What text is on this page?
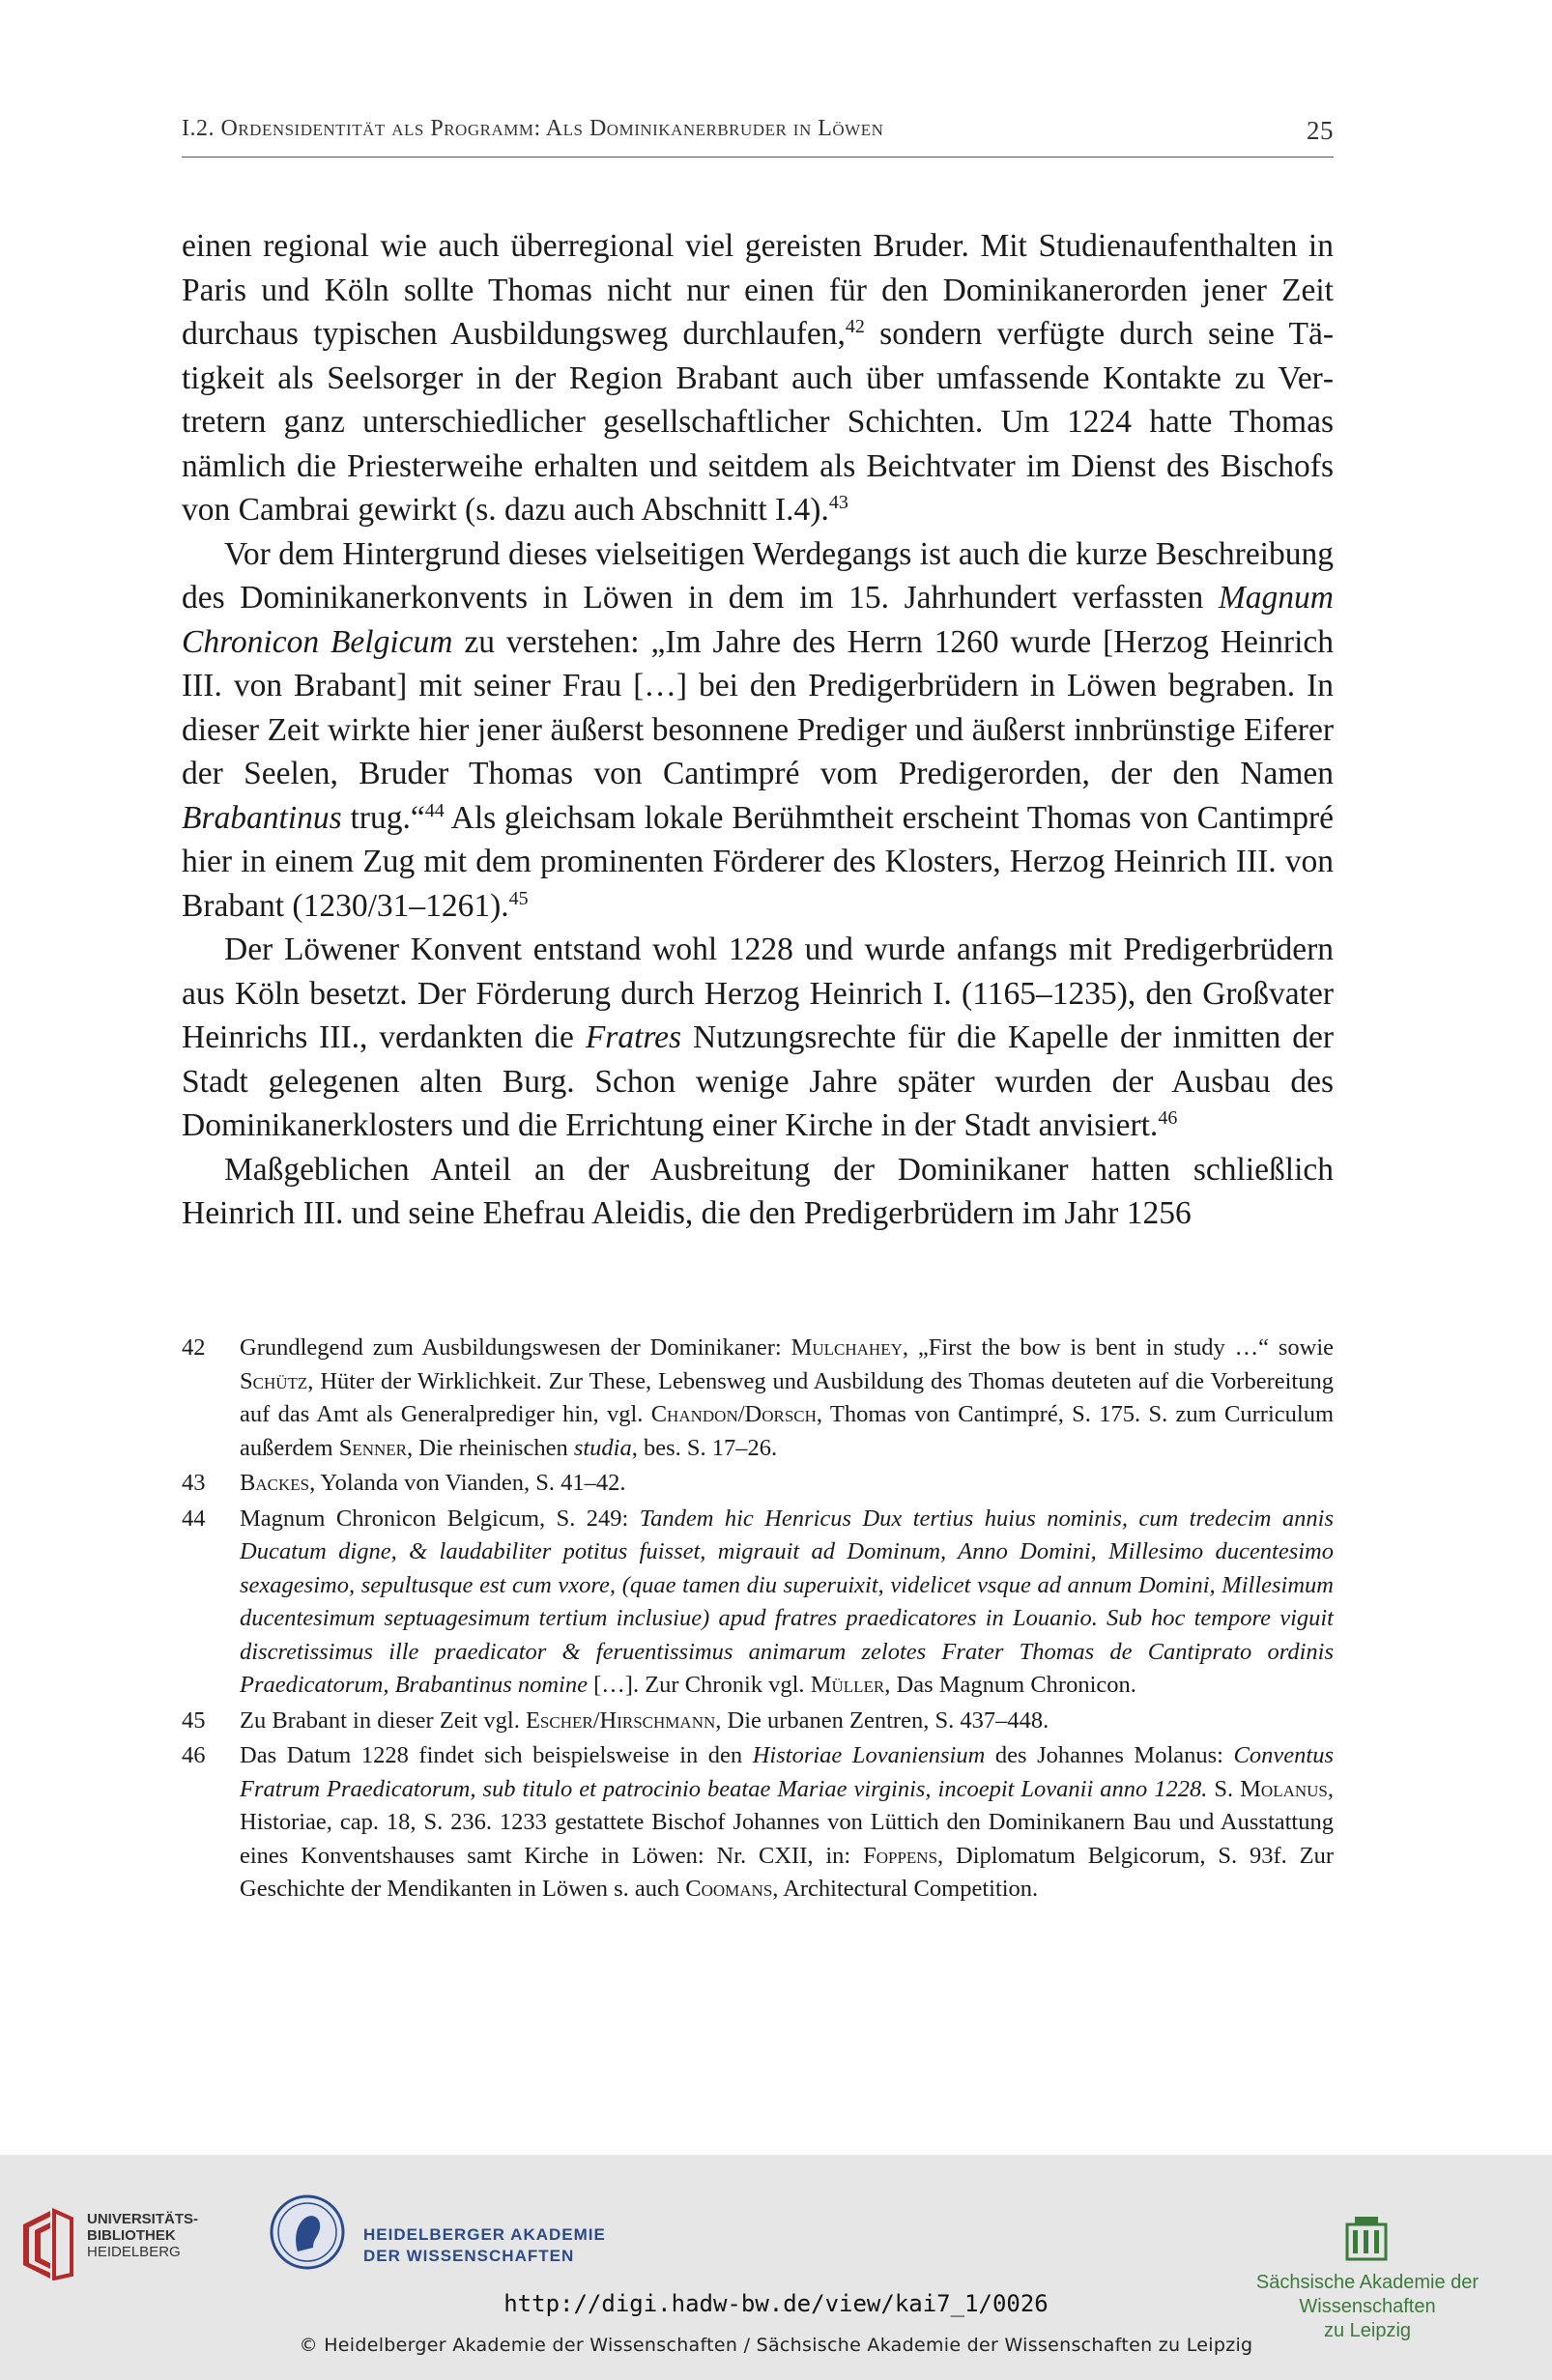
I.2. Ordensidentität als Programm: Als Dominikanerbruder in Löwen	25

einen regional wie auch überregional viel gereisten Bruder. Mit Studienaufenthalten in Paris und Köln sollte Thomas nicht nur einen für den Dominikanerorden jener Zeit durchaus typischen Ausbildungsweg durchlaufen,$^{42}$ sondern verfügte durch seine Tätigkeit als Seelsorger in der Region Brabant auch über umfassende Kontakte zu Vertretern ganz unterschiedlicher gesellschaftlicher Schichten. Um 1224 hatte Thomas nämlich die Priesterweihe erhalten und seitdem als Beichtvater im Dienst des Bischofs von Cambrai gewirkt (s. dazu auch Abschnitt I.4).$^{43}$

Vor dem Hintergrund dieses vielseitigen Werdegangs ist auch die kurze Beschreibung des Dominikanerkonvents in Löwen in dem im 15. Jahrhundert verfassten Magnum Chronicon Belgicum zu verstehen: „Im Jahre des Herrn 1260 wurde [Herzog Heinrich III. von Brabant] mit seiner Frau […] bei den Predigerbrüdern in Löwen begraben. In dieser Zeit wirkte hier jener äußerst besonnene Prediger und äußerst innbrünstige Eiferer der Seelen, Bruder Thomas von Cantimpré vom Predigerorden, der den Namen Brabantinus trug.“$^{44}$ Als gleichsam lokale Berühmtheit erscheint Thomas von Cantimpré hier in einem Zug mit dem prominenten Förderer des Klosters, Herzog Heinrich III. von Brabant (1230/31–1261).$^{45}$

Der Löwener Konvent entstand wohl 1228 und wurde anfangs mit Predigerbrüdern aus Köln besetzt. Der Förderung durch Herzog Heinrich I. (1165–1235), den Großvater Heinrichs III., verdankten die Fratres Nutzungsrechte für die Kapelle der inmitten der Stadt gelegenen alten Burg. Schon wenige Jahre später wurden der Ausbau des Dominikanerklosters und die Errichtung einer Kirche in der Stadt anvisiert.$^{46}$

Maßgeblichen Anteil an der Ausbreitung der Dominikaner hatten schließlich Heinrich III. und seine Ehefrau Aleidis, die den Predigerbrüdern im Jahr 1256

42 Grundlegend zum Ausbildungswesen der Dominikaner: Mulchahey, „First the bow is bent in study …“ sowie Schütz, Hüter der Wirklichkeit. Zur These, Lebensweg und Ausbildung des Thomas deuteten auf die Vorbereitung auf das Amt als Generalprediger hin, vgl. Chandon/Dorsch, Thomas von Cantimpré, S. 175. S. zum Curriculum außerdem Senner, Die rheinischen studia, bes. S. 17–26.
43 Backes, Yolanda von Vianden, S. 41–42.
44 Magnum Chronicon Belgicum, S. 249: Tandem hic Henricus Dux tertius huius nominis, cum tredecim annis Ducatum digne, & laudabiliter potitus fuisset, migrauit ad Dominum, Anno Domini, Millesimo ducentesimo sexagesimo, sepultusque est cum vxore, (quae tamen diu superuixit, videlicet vsque ad annum Domini, Millesimum ducentesimum septuagesimum tertium inclusiue) apud fratres praedicatores in Louanio. Sub hoc tempore viguit discretissimus ille praedicator & feruentissimus animarum zelotes Frater Thomas de Cantiprato ordinis Praedicatorum, Brabantinus nomine […]. Zur Chronik vgl. Müller, Das Magnum Chronicon.
45 Zu Brabant in dieser Zeit vgl. Escher/Hirschmann, Die urbanen Zentren, S. 437–448.
46 Das Datum 1228 findet sich beispielsweise in den Historiae Lovaniensium des Johannes Molanus: Conventus Fratrum Praedicatorum, sub titulo et patrocinio beatae Mariae virginis, incoepit Lovanii anno 1228. S. Molanus, Historiae, cap. 18, S. 236. 1233 gestattete Bischof Johannes von Lüttich den Dominikanern Bau und Ausstattung eines Konventshauses samt Kirche in Löwen: Nr. CXII, in: Foppens, Diplomatum Belgicorum, S. 93f. Zur Geschichte der Mendikanten in Löwen s. auch Coomans, Architectural Competition.
UNIVERSITÄTS-
BIBLIOTHEK
HEIDELBERG
HEIDELBERGER AKADEMIE
DER WISSENSCHAFTEN
Sächsische Akademie der Wissenschaften
zu Leipzig
http://digi.hadw-bw.de/view/kai7_1/0026
© Heidelberger Akademie der Wissenschaften / Sächsische Akademie der Wissenschaften zu Leipzig
